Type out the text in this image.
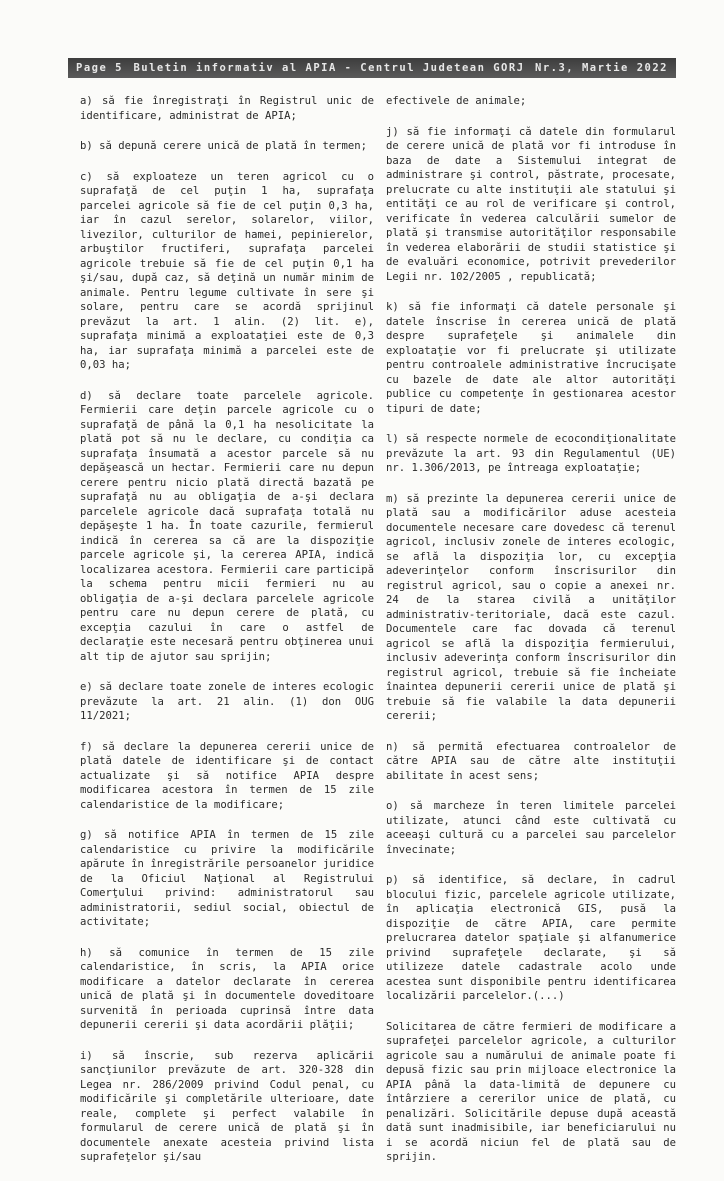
Page 5 Buletin informativ al APIA - Centrul Judetean GORJ Nr.3, Martie 2022

a) să fie înregistraţi în Registrul unic de identificare, administrat de APIA;

b) să depună cerere unică de plată în termen;

c) să exploateze un teren agricol cu o suprafaţă de cel puţin 1 ha, suprafaţa parcelei agricole să fie de cel puţin 0,3 ha, iar în cazul serelor, solarelor, viilor, livezilor, culturilor de hamei, pepinierelor, arbuştilor fructiferi, suprafaţa parcelei agricole trebuie să fie de cel puţin 0,1 ha şi/sau, după caz, să deţină un număr minim de animale. Pentru legume cultivate în sere şi solare, pentru care se acordă sprijinul prevăzut la art. 1 alin. (2) lit. e), suprafaţa minimă a exploataţiei este de 0,3 ha, iar suprafaţa minimă a parcelei este de 0,03 ha;

d) să declare toate parcelele agricole. Fermierii care deţin parcele agricole cu o suprafaţă de până la 0,1 ha nesolicitate la plată pot să nu le declare, cu condiţia ca suprafaţa însumată a acestor parcele să nu depăşească un hectar. Fermierii care nu depun cerere pentru nicio plată directă bazată pe suprafaţă nu au obligaţia de a-şi declara parcelele agricole dacă suprafaţa totală nu depăşeşte 1 ha. În toate cazurile, fermierul indică în cererea sa că are la dispoziţie parcele agricole şi, la cererea APIA, indică localizarea acestora. Fermierii care participă la schema pentru micii fermieri nu au obligaţia de a-şi declara parcelele agricole pentru care nu depun cerere de plată, cu excepţia cazului în care o astfel de declaraţie este necesară pentru obţinerea unui alt tip de ajutor sau sprijin;

e) să declare toate zonele de interes ecologic prevăzute la art. 21 alin. (1) don OUG 11/2021;

f) să declare la depunerea cererii unice de plată datele de identificare şi de contact actualizate şi să notifice APIA despre modificarea acestora în termen de 15 zile calendaristice de la modificare;

g) să notifice APIA în termen de 15 zile calendaristice cu privire la modificările apărute în înregistrările persoanelor juridice de la Oficiul Naţional al Registrului Comerţului privind: administratorul sau administratorii, sediul social, obiectul de activitate;

h) să comunice în termen de 15 zile calendaristice, în scris, la APIA orice modificare a datelor declarate în cererea unică de plată şi în documentele doveditoare survenită în perioada cuprinsă între data depunerii cererii şi data acordării plăţii;

i) să înscrie, sub rezerva aplicării sancţiunilor prevăzute de art. 320-328 din Legea nr. 286/2009 privind Codul penal, cu modificările şi completările ulterioare, date reale, complete şi perfect valabile în formularul de cerere unică de plată şi în documentele anexate acesteia privind lista suprafeţelor şi/sau

efectivele de animale;

j) să fie informaţi că datele din formularul de cerere unică de plată vor fi introduse în baza de date a Sistemului integrat de administrare şi control, păstrate, procesate, prelucrate cu alte instituţii ale statului şi entităţi ce au rol de verificare şi control, verificate în vederea calculării sumelor de plată şi transmise autorităţilor responsabile în vederea elaborării de studii statistice şi de evaluări economice, potrivit prevederilor Legii nr. 102/2005 , republicată;

k) să fie informaţi că datele personale şi datele înscrise în cererea unică de plată despre suprafeţele şi animalele din exploataţie vor fi prelucrate şi utilizate pentru controalele administrative încrucişate cu bazele de date ale altor autorităţi publice cu competenţe în gestionarea acestor tipuri de date;

l) să respecte normele de ecocondiţionalitate prevăzute la art. 93 din Regulamentul (UE) nr. 1.306/2013, pe întreaga exploataţie;

m) să prezinte la depunerea cererii unice de plată sau a modificărilor aduse acesteia documentele necesare care dovedesc că terenul agricol, inclusiv zonele de interes ecologic, se află la dispoziţia lor, cu excepţia adeverinţelor conform înscrisurilor din registrul agricol, sau o copie a anexei nr. 24 de la starea civilă a unităţilor administrativ-teritoriale, dacă este cazul. Documentele care fac dovada că terenul agricol se află la dispoziţia fermierului, inclusiv adeverinţa conform înscrisurilor din registrul agricol, trebuie să fie încheiate înaintea depunerii cererii unice de plată şi trebuie să fie valabile la data depunerii cererii;

n) să permită efectuarea controalelor de către APIA sau de către alte instituţii abilitate în acest sens;

o) să marcheze în teren limitele parcelei utilizate, atunci când este cultivată cu aceeaşi cultură cu a parcelei sau parcelelor învecinate;

p) să identifice, să declare, în cadrul blocului fizic, parcelele agricole utilizate, în aplicaţia electronică GIS, pusă la dispoziţie de către APIA, care permite prelucrarea datelor spaţiale şi alfanumerice privind suprafeţele declarate, şi să utilizeze datele cadastrale acolo unde acestea sunt disponibile pentru identificarea localizării parcelelor.(...)

Solicitarea de către fermieri de modificare a suprafeţei parcelelor agricole, a culturilor agricole sau a numărului de animale poate fi depusă fizic sau prin mijloace electronice la APIA până la data-limită de depunere cu întârziere a cererilor unice de plată, cu penalizări. Solicitările depuse după această dată sunt inadmisibile, iar beneficiarului nu i se acordă niciun fel de plată sau de sprijin.
